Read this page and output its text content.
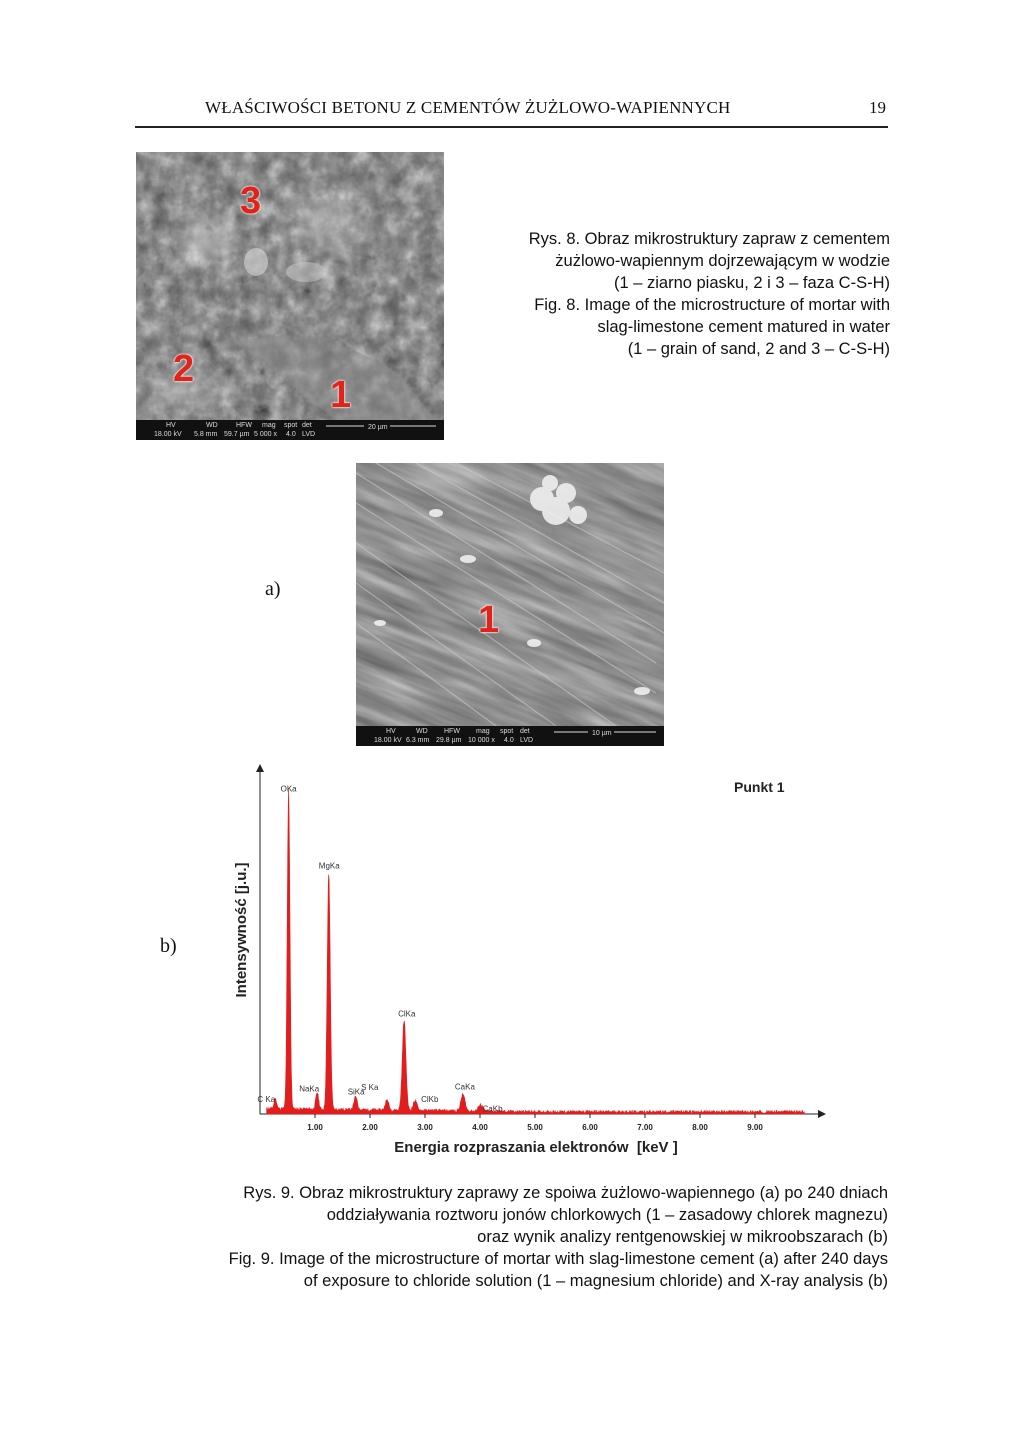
WŁAŚCIWOŚCI BETONU Z CEMENTÓW ŻUŻLOWO-WAPIENNYCH	19
3
2
1
HV	WD	HFW mag spot det
18.00 kV 5.8 mm 59.7 µm 5 000 x 4.0 LVD
20 µm
Rys. 8. Obraz mikrostruktury zapraw z cementem
żużlowo-wapiennym dojrzewającym w wodzie
(1 – ziarno piasku, 2 i 3 – faza C-S-H)
Fig. 8. Image of the microstructure of mortar with
slag-limestone cement matured in water
(1 – grain of sand, 2 and 3 – C-S-H)
a)
1
HV	WD HFW mag spot det
18.00 kV 6.3 mm 29.8 µm 10 000 x 4.0 LVD
10 µm
b)
1.00	2.00	3.00	4.00	5.00	6.00	7.00	8.00	9.00
C Ka
OKa
NaKa
MgKa
SiKa
S Ka
ClKa
ClKb
CaKa
CaKb
Punkt 1
Intensywność [j.u.]
Energia rozpraszania elektronów  [keV ]
Rys. 9. Obraz mikrostruktury zaprawy ze spoiwa żużlowo-wapiennego (a) po 240 dniach
oddziaływania roztworu jonów chlorkowych (1 – zasadowy chlorek magnezu)
oraz wynik analizy rentgenowskiej w mikroobszarach (b)
Fig. 9. Image of the microstructure of mortar with slag-limestone cement (a) after 240 days
of exposure to chloride solution (1 – magnesium chloride) and X-ray analysis (b)
